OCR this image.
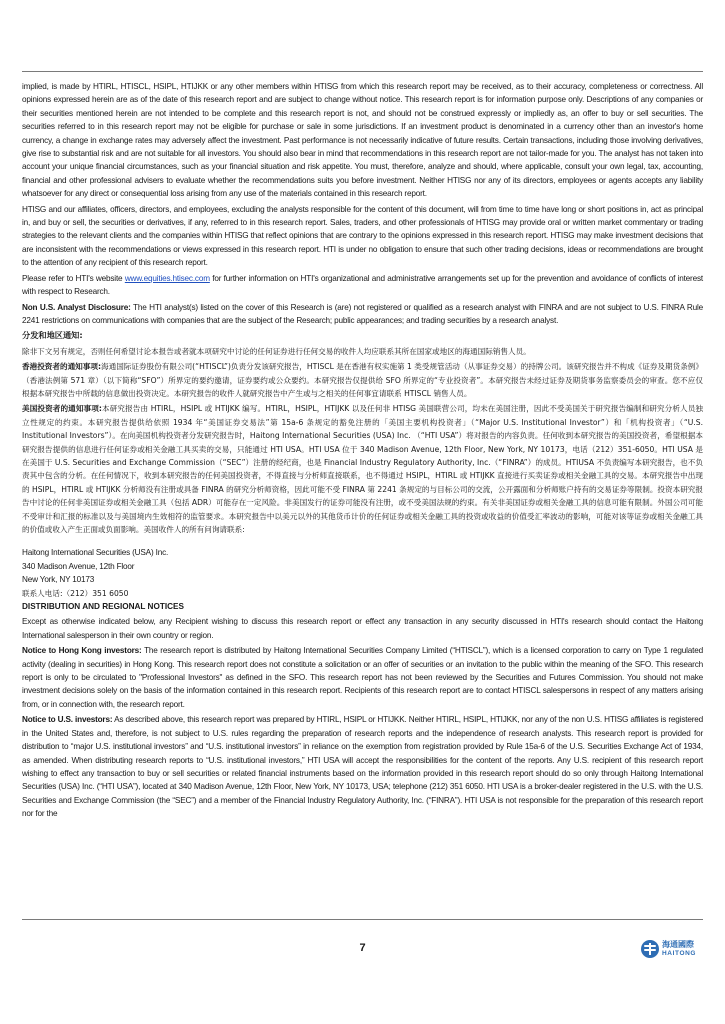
implied, is made by HTIRL, HTISCL, HSIPL, HTIJKK or any other members within HTISG from which this research report may be received, as to their accuracy, completeness or correctness. All opinions expressed herein are as of the date of this research report and are subject to change without notice. This research report is for information purpose only. Descriptions of any companies or their securities mentioned herein are not intended to be complete and this research report is not, and should not be construed expressly or impliedly as, an offer to buy or sell securities. The securities referred to in this research report may not be eligible for purchase or sale in some jurisdictions. If an investment product is denominated in a currency other than an investor's home currency, a change in exchange rates may adversely affect the investment. Past performance is not necessarily indicative of future results. Certain transactions, including those involving derivatives, give rise to substantial risk and are not suitable for all investors. You should also bear in mind that recommendations in this research report are not tailor-made for you. The analyst has not taken into account your unique financial circumstances, such as your financial situation and risk appetite. You must, therefore, analyze and should, where applicable, consult your own legal, tax, accounting, financial and other professional advisers to evaluate whether the recommendations suits you before investment. Neither HTISG nor any of its directors, employees or agents accepts any liability whatsoever for any direct or consequential loss arising from any use of the materials contained in this research report.

HTISG and our affiliates, officers, directors, and employees, excluding the analysts responsible for the content of this document, will from time to time have long or short positions in, act as principal in, and buy or sell, the securities or derivatives, if any, referred to in this research report. Sales, traders, and other professionals of HTISG may provide oral or written market commentary or trading strategies to the relevant clients and the companies within HTISG that reflect opinions that are contrary to the opinions expressed in this research report. HTISG may make investment decisions that are inconsistent with the recommendations or views expressed in this research report. HTI is under no obligation to ensure that such other trading decisions, ideas or recommendations are brought to the attention of any recipient of this research report.

Please refer to HTI's website www.equities.htisec.com for further information on HTI's organizational and administrative arrangements set up for the prevention and avoidance of conflicts of interest with respect to Research.

Non U.S. Analyst Disclosure: The HTI analyst(s) listed on the cover of this Research is (are) not registered or qualified as a research analyst with FINRA and are not subject to U.S. FINRA Rule 2241 restrictions on communications with companies that are the subject of the Research; public appearances; and trading securities by a research analyst.

分发和地区通知:

除非下文另有规定，否则任何希望讨论本报告或者就本项研究中讨论的任何证券进行任何交易的收件人均应联系其所在国家或地区的海通国际销售人员。

香港投资者的通知事项:海通国际证券股份有限公司(“HTISCL”)负责分发该研究报告，HTISCL 是在香港有权实施第 1 类受规管活动（从事证券交易）的持牌公司。该研究报告并不构成《证券及期货条例》（香港法例第 571 章）（以下简称“SFO”）所界定的要约邀请，证券要约或公众要约。本研究报告仅提供给 SFO 所界定的“专业投资者”。本研究报告未经过证券及期货事务监察委员会的审查。您不应仅根据本研究报告中所载的信息做出投资决定。本研究报告的收件人就研究报告中产生或与之相关的任何事宜请联系 HTISCL 销售人员。

美国投资者的通知事项:本研究报告由 HTIRL，HSIPL 或 HTIJKK 编写。HTIRL，HSIPL，HTIJKK 以及任何非 HTISG 美国联营公司，均未在美国注册，因此不受美国关于研究报告编制和研究分析人员独立性规定的约束。本研究报告提供给依照 1934 年“美国证券交易法”第 15a-6 条规定的豁免注册的「美国主要机构投资者」（“Major U.S. Institutional Investor”）和「机构投资者」（“U.S. Institutional Investors”）。在向美国机构投资者分发研究报告时，Haitong International Securities (USA) Inc. （“HTI USA”）将对报告的内容负责。任何收到本研究报告的美国投资者，希望根据本研究报告提供的信息进行任何证券或相关金融工具买卖的交易，只能通过 HTI USA。HTI USA 位于 340 Madison Avenue, 12th Floor, New York, NY 10173，电话（212）351-6050。HTI USA 是在美国于 U.S. Securities and Exchange Commission（“SEC”）注册的经纪商，也是 Financial Industry Regulatory Authority, Inc.（“FINRA”）的成员。HTIUSA 不负责编写本研究报告，也不负责其中包含的分析。在任何情况下，收到本研究报告的任何美国投资者，不得直接与分析师直接联系，也不得通过 HSIPL，HTIRL 或 HTIJKK 直接进行买卖证券或相关金融工具的交易。本研究报告中出现的 HSIPL，HTIRL 或 HTIJKK 分析师没有注册或具备 FINRA 的研究分析师资格，因此可能不受 FINRA 第 2241 条规定的与目标公司的交流，公开露面和分析师账户持有的交易证券等限制。投资本研究报告中讨论的任何非美国证券或相关金融工具（包括 ADR）可能存在一定风险。非美国发行的证券可能没有注册，或不受美国法规的约束。有关非美国证券或相关金融工具的信息可能有限制。外国公司可能不受审计和汇报的标准以及与美国境内生效相符的监管要求。本研究报告中以美元以外的其他货币计价的任何证券或相关金融工具的投资或收益的价值受汇率波动的影响，可能对该等证券或相关金融工具的价值或收入产生正面或负面影响。美国收件人的所有问询请联系:

Haitong International Securities (USA) Inc.

340 Madison Avenue, 12th Floor

New York, NY 10173

联系人电话:（212）351 6050

DISTRIBUTION AND REGIONAL NOTICES

Except as otherwise indicated below, any Recipient wishing to discuss this research report or effect any transaction in any security discussed in HTI's research should contact the Haitong International salesperson in their own country or region.

Notice to Hong Kong investors: The research report is distributed by Haitong International Securities Company Limited (“HTISCL”), which is a licensed corporation to carry on Type 1 regulated activity (dealing in securities) in Hong Kong. This research report does not constitute a solicitation or an offer of securities or an invitation to the public within the meaning of the SFO. This research report is only to be circulated to "Professional Investors" as defined in the SFO. This research report has not been reviewed by the Securities and Futures Commission. You should not make investment decisions solely on the basis of the information contained in this research report. Recipients of this research report are to contact HTISCL salespersons in respect of any matters arising from, or in connection with, the research report.

Notice to U.S. investors: As described above, this research report was prepared by HTIRL, HSIPL or HTIJKK. Neither HTIRL, HSIPL, HTIJKK, nor any of the non U.S. HTISG affiliates is registered in the United States and, therefore, is not subject to U.S. rules regarding the preparation of research reports and the independence of research analysts. This research report is provided for distribution to “major U.S. institutional investors” and “U.S. institutional investors” in reliance on the exemption from registration provided by Rule 15a-6 of the U.S. Securities Exchange Act of 1934, as amended. When distributing research reports to “U.S. institutional investors,” HTI USA will accept the responsibilities for the content of the reports. Any U.S. recipient of this research report wishing to effect any transaction to buy or sell securities or related financial instruments based on the information provided in this research report should do so only through Haitong International Securities (USA) Inc. (“HTI USA”), located at 340 Madison Avenue, 12th Floor, New York, NY 10173, USA; telephone (212) 351 6050. HTI USA is a broker-dealer registered in the U.S. with the U.S. Securities and Exchange Commission (the “SEC”) and a member of the Financial Industry Regulatory Authority, Inc. (“FINRA”). HTI USA is not responsible for the preparation of this research report nor for the

7	海通國際
HAITONG
